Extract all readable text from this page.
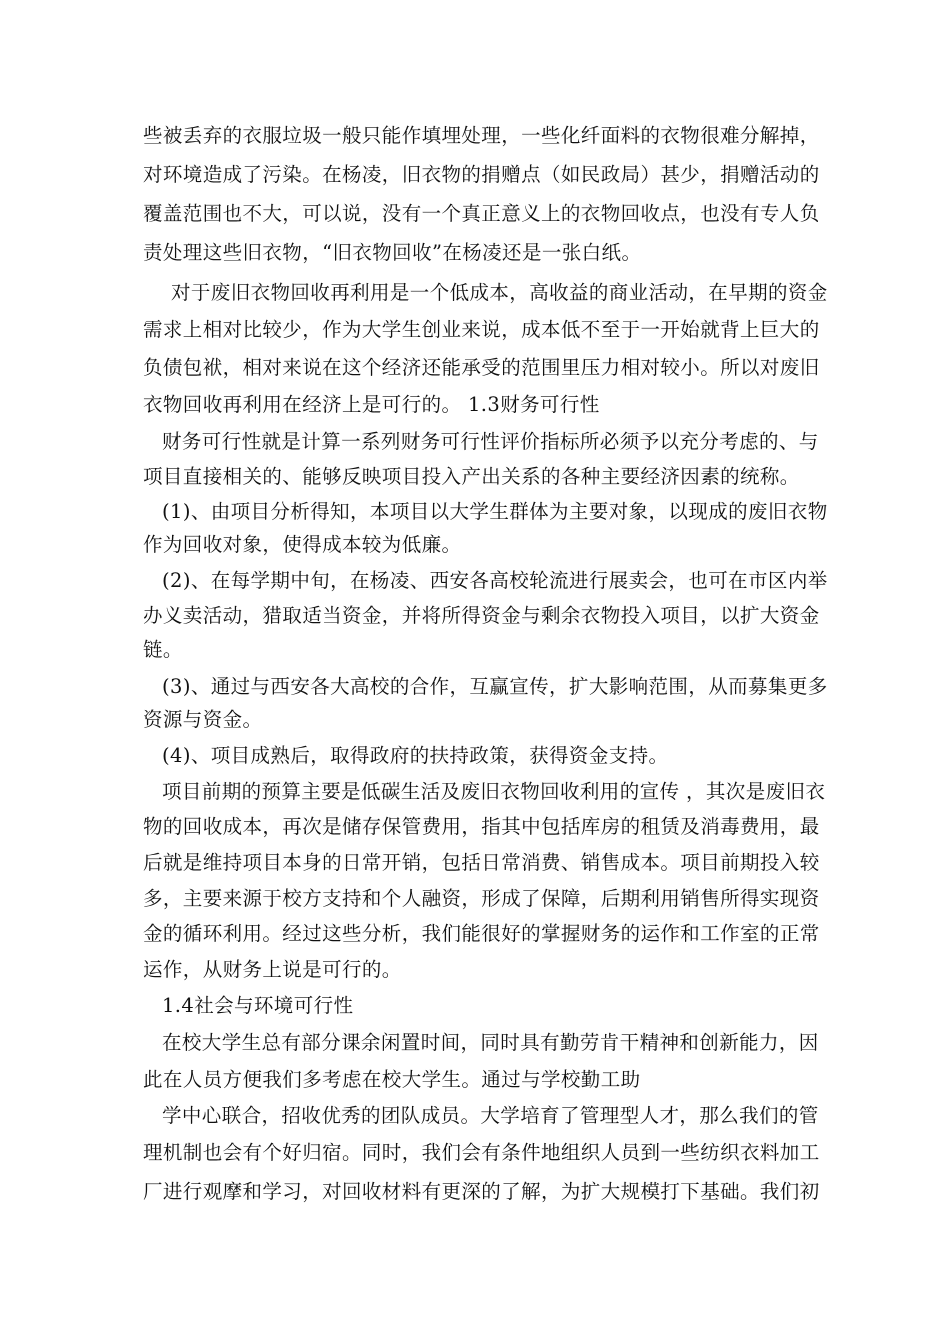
些被丢弃的衣服垃圾一般只能作填埋处理，一些化纤面料的衣物很难分解掉，
对环境造成了污染。在杨凌，旧衣物的捐赠点（如民政局）甚少，捐赠活动的
覆盖范围也不大，可以说，没有一个真正意义上的衣物回收点，也没有专人负
责处理这些旧衣物，“旧衣物回收”在杨凌还是一张白纸。
对于废旧衣物回收再利用是一个低成本，高收益的商业活动，在早期的资金
需求上相对比较少，作为大学生创业来说，成本低不至于一开始就背上巨大的
负债包袱，相对来说在这个经济还能承受的范围里压力相对较小。所以对废旧
衣物回收再利用在经济上是可行的。 1.3财务可行性
财务可行性就是计算一系列财务可行性评价指标所必须予以充分考虑的、与
项目直接相关的、能够反映项目投入产出关系的各种主要经济因素的统称。
(1)、由项目分析得知，本项目以大学生群体为主要对象，以现成的废旧衣物
作为回收对象，使得成本较为低廉。
(2)、在每学期中旬，在杨凌、西安各高校轮流进行展卖会，也可在市区内举
办义卖活动，猎取适当资金，并将所得资金与剩余衣物投入项目，以扩大资金
链。
(3)、通过与西安各大高校的合作，互赢宣传，扩大影响范围，从而募集更多
资源与资金。
(4)、项目成熟后，取得政府的扶持政策，获得资金支持。
项目前期的预算主要是低碳生活及废旧衣物回收利用的宣传 ，其次是废旧衣
物的回收成本，再次是储存保管费用，指其中包括库房的租赁及消毒费用，最
后就是维持项目本身的日常开销，包括日常消费、销售成本。项目前期投入较
多，主要来源于校方支持和个人融资，形成了保障，后期利用销售所得实现资
金的循环利用。经过这些分析，我们能很好的掌握财务的运作和工作室的正常
运作，从财务上说是可行的。
1.4社会与环境可行性
在校大学生总有部分课余闲置时间，同时具有勤劳肯干精神和创新能力，因
此在人员方便我们多考虑在校大学生。通过与学校勤工助
学中心联合，招收优秀的团队成员。大学培育了管理型人才，那么我们的管
理机制也会有个好归宿。同时，我们会有条件地组织人员到一些纺织衣料加工
厂进行观摩和学习，对回收材料有更深的了解，为扩大规模打下基础。我们初
